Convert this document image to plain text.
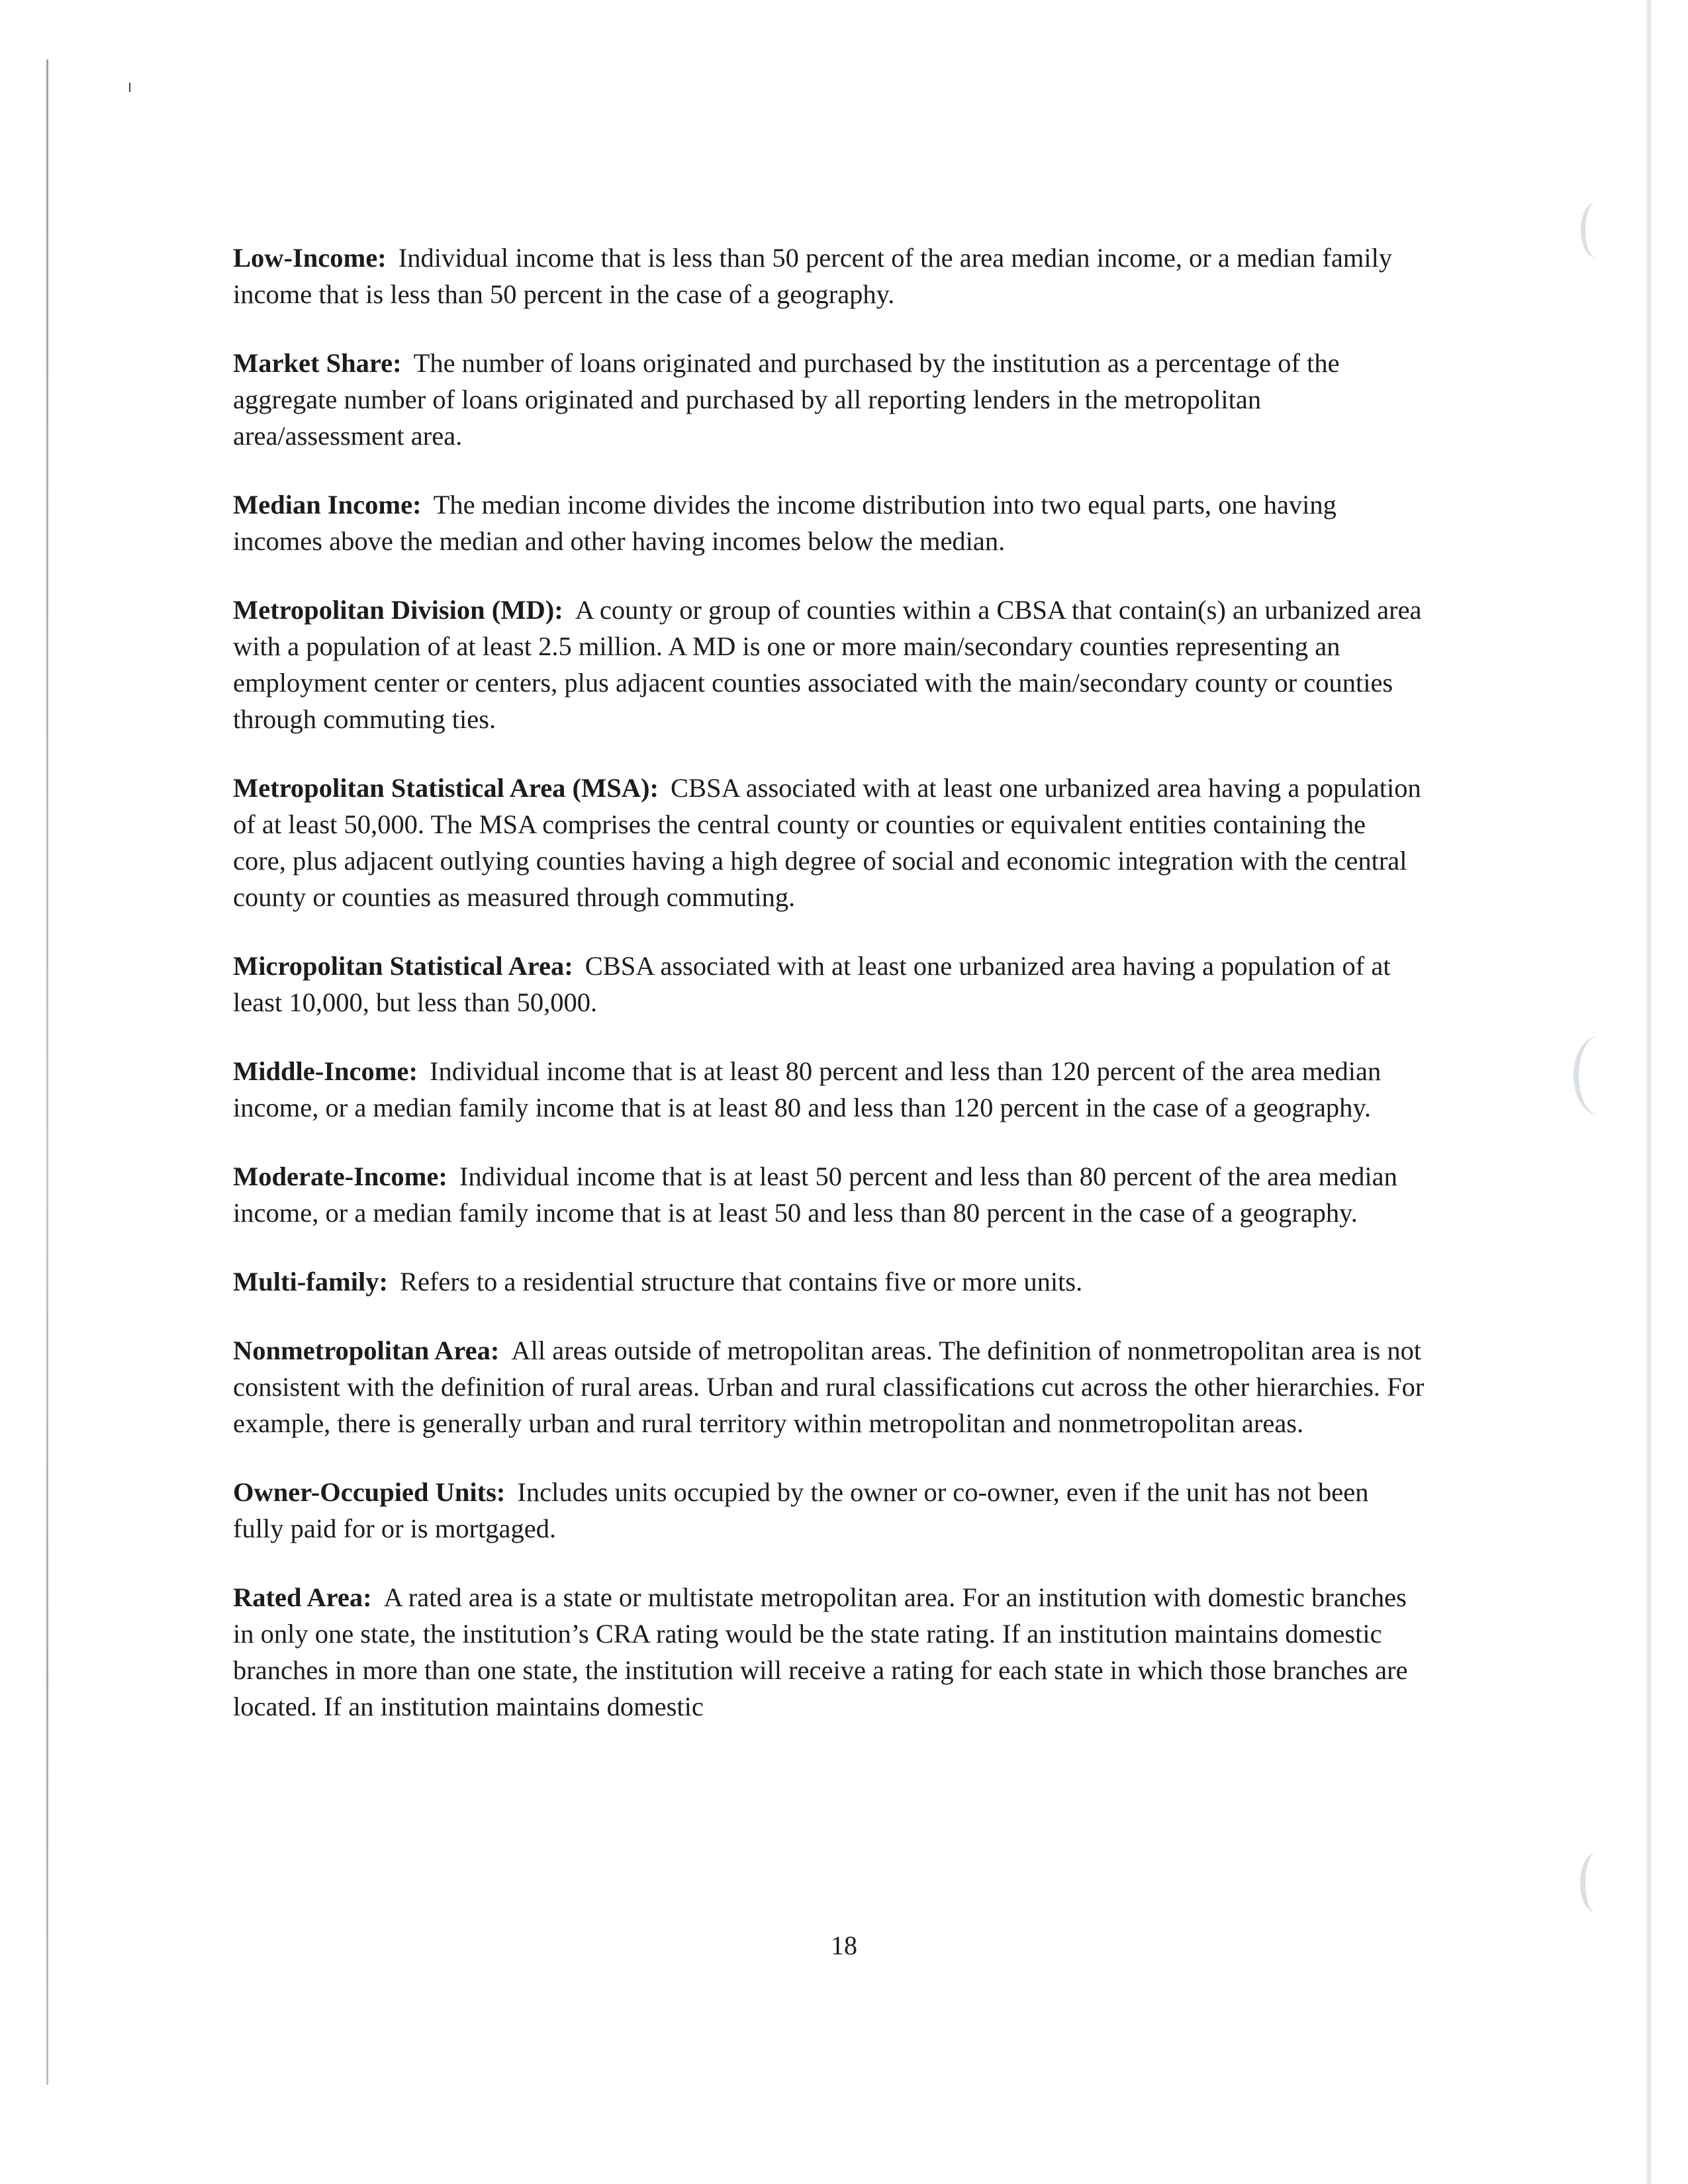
Low-Income: Individual income that is less than 50 percent of the area median income, or a median family income that is less than 50 percent in the case of a geography.

Market Share: The number of loans originated and purchased by the institution as a percentage of the aggregate number of loans originated and purchased by all reporting lenders in the metropolitan area/assessment area.

Median Income: The median income divides the income distribution into two equal parts, one having incomes above the median and other having incomes below the median.

Metropolitan Division (MD): A county or group of counties within a CBSA that contain(s) an urbanized area with a population of at least 2.5 million. A MD is one or more main/secondary counties representing an employment center or centers, plus adjacent counties associated with the main/secondary county or counties through commuting ties.

Metropolitan Statistical Area (MSA): CBSA associated with at least one urbanized area having a population of at least 50,000. The MSA comprises the central county or counties or equivalent entities containing the core, plus adjacent outlying counties having a high degree of social and economic integration with the central county or counties as measured through commuting.

Micropolitan Statistical Area: CBSA associated with at least one urbanized area having a population of at least 10,000, but less than 50,000.

Middle-Income: Individual income that is at least 80 percent and less than 120 percent of the area median income, or a median family income that is at least 80 and less than 120 percent in the case of a geography.

Moderate-Income: Individual income that is at least 50 percent and less than 80 percent of the area median income, or a median family income that is at least 50 and less than 80 percent in the case of a geography.

Multi-family: Refers to a residential structure that contains five or more units.

Nonmetropolitan Area: All areas outside of metropolitan areas. The definition of nonmetropolitan area is not consistent with the definition of rural areas. Urban and rural classifications cut across the other hierarchies. For example, there is generally urban and rural territory within metropolitan and nonmetropolitan areas.

Owner-Occupied Units: Includes units occupied by the owner or co-owner, even if the unit has not been fully paid for or is mortgaged.

Rated Area: A rated area is a state or multistate metropolitan area. For an institution with domestic branches in only one state, the institution’s CRA rating would be the state rating. If an institution maintains domestic branches in more than one state, the institution will receive a rating for each state in which those branches are located. If an institution maintains domestic

18
